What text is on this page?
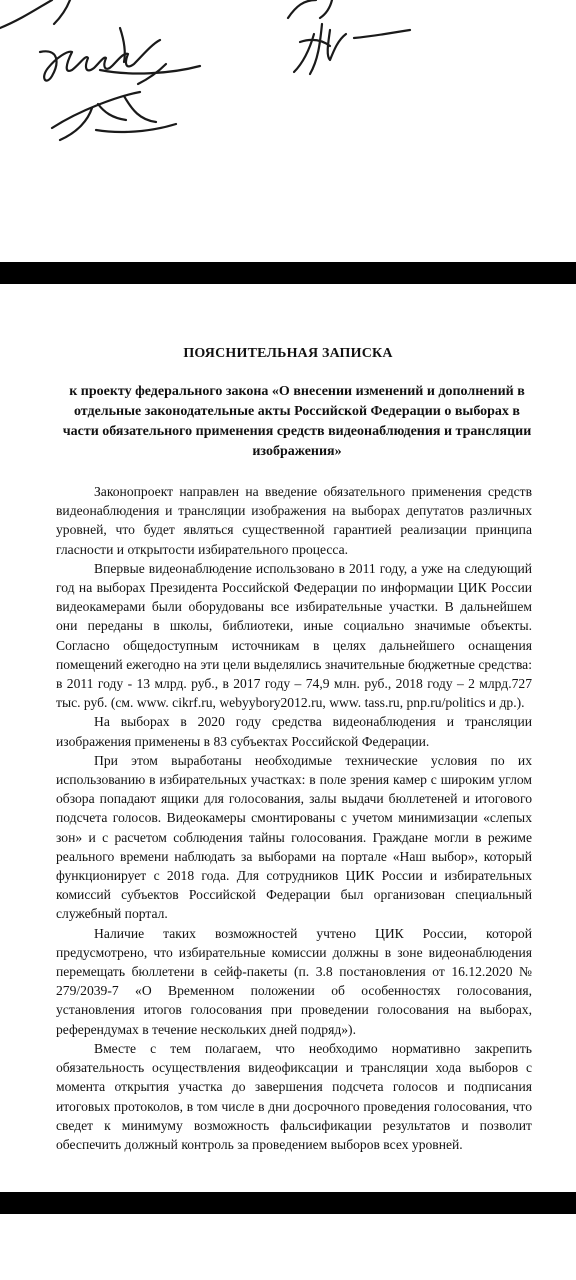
ПОЯСНИТЕЛЬНАЯ ЗАПИСКА

к проекту федерального закона «О внесении изменений и дополнений в отдельные законодательные акты Российской Федерации о выборах в части обязательного применения средств видеонаблюдения и трансляции изображения»

Законопроект направлен на введение обязательного применения средств видеонаблюдения и трансляции изображения на выборах депутатов различных уровней, что будет являться существенной гарантией реализации принципа гласности и открытости избирательного процесса.

Впервые видеонаблюдение использовано в 2011 году, а уже на следующий год на выборах Президента Российской Федерации по информации ЦИК России видеокамерами были оборудованы все избирательные участки. В дальнейшем они переданы в школы, библиотеки, иные социально значимые объекты. Согласно общедоступным источникам в целях дальнейшего оснащения помещений ежегодно на эти цели выделялись значительные бюджетные средства: в 2011 году - 13 млрд. руб., в 2017 году – 74,9 млн. руб., 2018 году – 2 млрд.727 тыс. руб. (см. www. cikrf.ru, webyybory2012.ru, www. tass.ru, pnp.ru/politics и др.).

На выборах в 2020 году средства видеонаблюдения и трансляции изображения применены в 83 субъектах Российской Федерации.

При этом выработаны необходимые технические условия по их использованию в избирательных участках: в поле зрения камер с широким углом обзора попадают ящики для голосования, залы выдачи бюллетеней и итогового подсчета голосов. Видеокамеры смонтированы с учетом минимизации «слепых зон» и с расчетом соблюдения тайны голосования. Граждане могли в режиме реального времени наблюдать за выборами на портале «Наш выбор», который функционирует с 2018 года. Для сотрудников ЦИК России и избирательных комиссий субъектов Российской Федерации был организован специальный служебный портал.

Наличие таких возможностей учтено ЦИК России, которой предусмотрено, что избирательные комиссии должны в зоне видеонаблюдения перемещать бюллетени в сейф-пакеты (п. 3.8 постановления от 16.12.2020 № 279/2039-7 «О Временном положении об особенностях голосования, установления итогов голосования при проведении голосования на выборах, референдумах в течение нескольких дней подряд»).

Вместе с тем полагаем, что необходимо нормативно закрепить обязательность осуществления видеофиксации и трансляции хода выборов с момента открытия участка до завершения подсчета голосов и подписания итоговых протоколов, в том числе в дни досрочного проведения голосования, что сведет к минимуму возможность фальсификации результатов и позволит обеспечить должный контроль за проведением выборов всех уровней.
